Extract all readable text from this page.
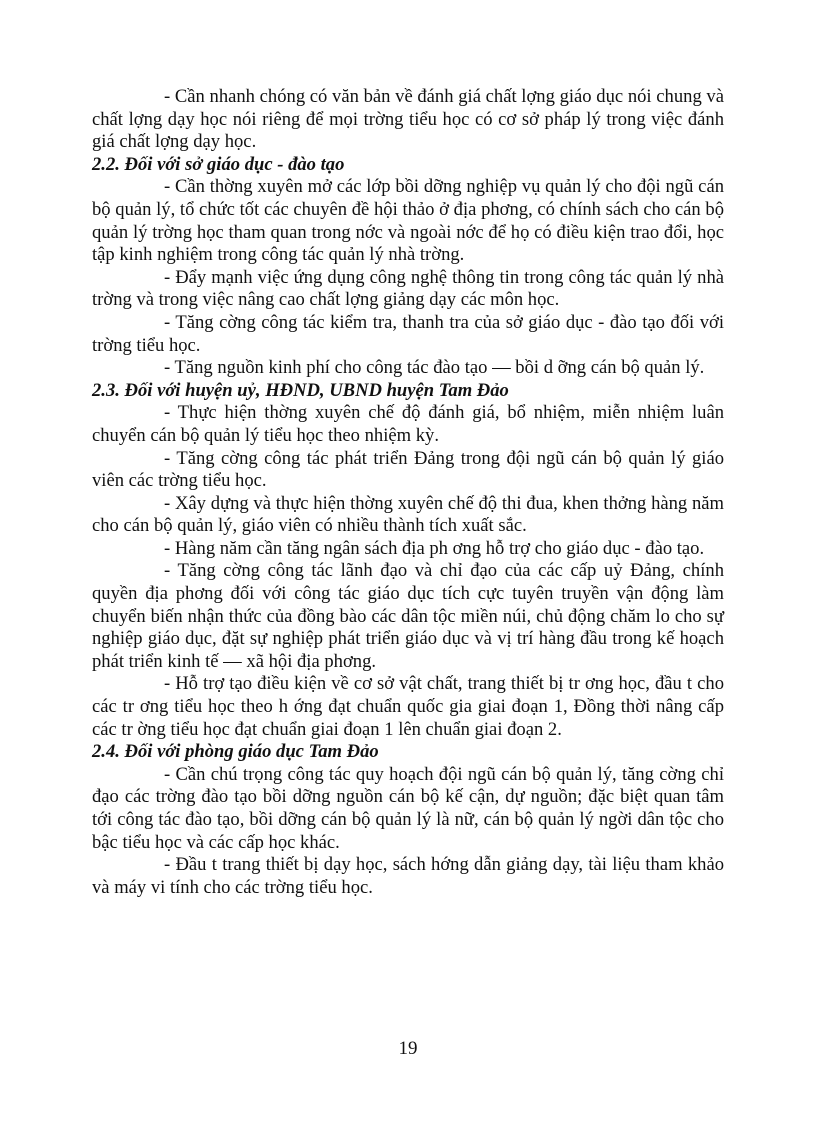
- Cần nhanh chóng có văn bản về đánh giá chất lợng giáo dục nói chung và chất lợng dạy học nói riêng để mọi trờng tiểu học có cơ sở pháp lý trong việc đánh giá chất lợng dạy học.

2.2. Đối với sở giáo dục - đào tạo

- Cần thờng xuyên mở các lớp bồi dỡng nghiệp vụ quản lý cho đội ngũ cán bộ quản lý, tổ chức tốt các chuyên đề hội thảo ở địa phơng, có chính sách cho cán bộ quản lý trờng học tham quan trong nớc và ngoài nớc để họ có điều kiện trao đổi, học tập kinh nghiệm trong công tác quản lý nhà trờng.

- Đẩy mạnh việc ứng dụng công nghệ thông tin trong công tác quản lý nhà trờng và trong việc nâng cao chất lợng giảng dạy các môn học.

- Tăng cờng công tác kiểm tra, thanh tra của sở giáo dục - đào tạo đối với trờng tiểu học.

- Tăng nguồn kinh phí cho công tác đào tạo — bồi d ỡng cán bộ quản lý.

2.3. Đối với huyện uỷ, HĐND, UBND huyện Tam Đảo

- Thực hiện thờng xuyên chế độ đánh giá, bổ nhiệm, miễn nhiệm luân chuyển cán bộ quản lý tiểu học theo nhiệm kỳ.

- Tăng cờng công tác phát triển Đảng trong đội ngũ cán bộ quản lý giáo viên các trờng tiểu học.

- Xây dựng và thực hiện thờng xuyên chế độ thi đua, khen thởng hàng năm cho cán bộ quản lý, giáo viên có nhiều thành tích xuất sắc.

- Hàng năm cần tăng ngân sách địa ph ơng hỗ trợ cho giáo dục - đào tạo.

- Tăng cờng công tác lãnh đạo và chỉ đạo của các cấp uỷ Đảng, chính quyền địa phơng đối với công tác giáo dục tích cực tuyên truyền vận động làm chuyển biến nhận thức của đồng bào các dân tộc miền núi, chủ động chăm lo cho sự nghiệp giáo dục, đặt sự nghiệp phát triển giáo dục và vị trí hàng đầu trong kế hoạch phát triển kinh tế — xã hội địa phơng.

- Hỗ trợ tạo điều kiện về cơ sở vật chất, trang thiết bị tr ơng học, đầu t cho các tr ơng tiểu học theo h ớng đạt chuẩn quốc gia giai đoạn 1, Đồng thời nâng cấp các tr ờng tiểu học đạt chuẩn giai đoạn 1 lên chuẩn giai đoạn 2.

2.4. Đối với phòng giáo dục Tam Đảo

- Cần chú trọng công tác quy hoạch đội ngũ cán bộ quản lý, tăng cờng chỉ đạo các trờng đào tạo bồi dỡng nguồn cán bộ kế cận, dự nguồn; đặc biệt quan tâm tới công tác đào tạo, bồi dỡng cán bộ quản lý là nữ, cán bộ quản lý ngời dân tộc cho bậc tiểu học và các cấp học khác.

- Đầu t trang thiết bị dạy học, sách hớng dẫn giảng dạy, tài liệu tham khảo và máy vi tính cho các trờng tiểu học.

19
